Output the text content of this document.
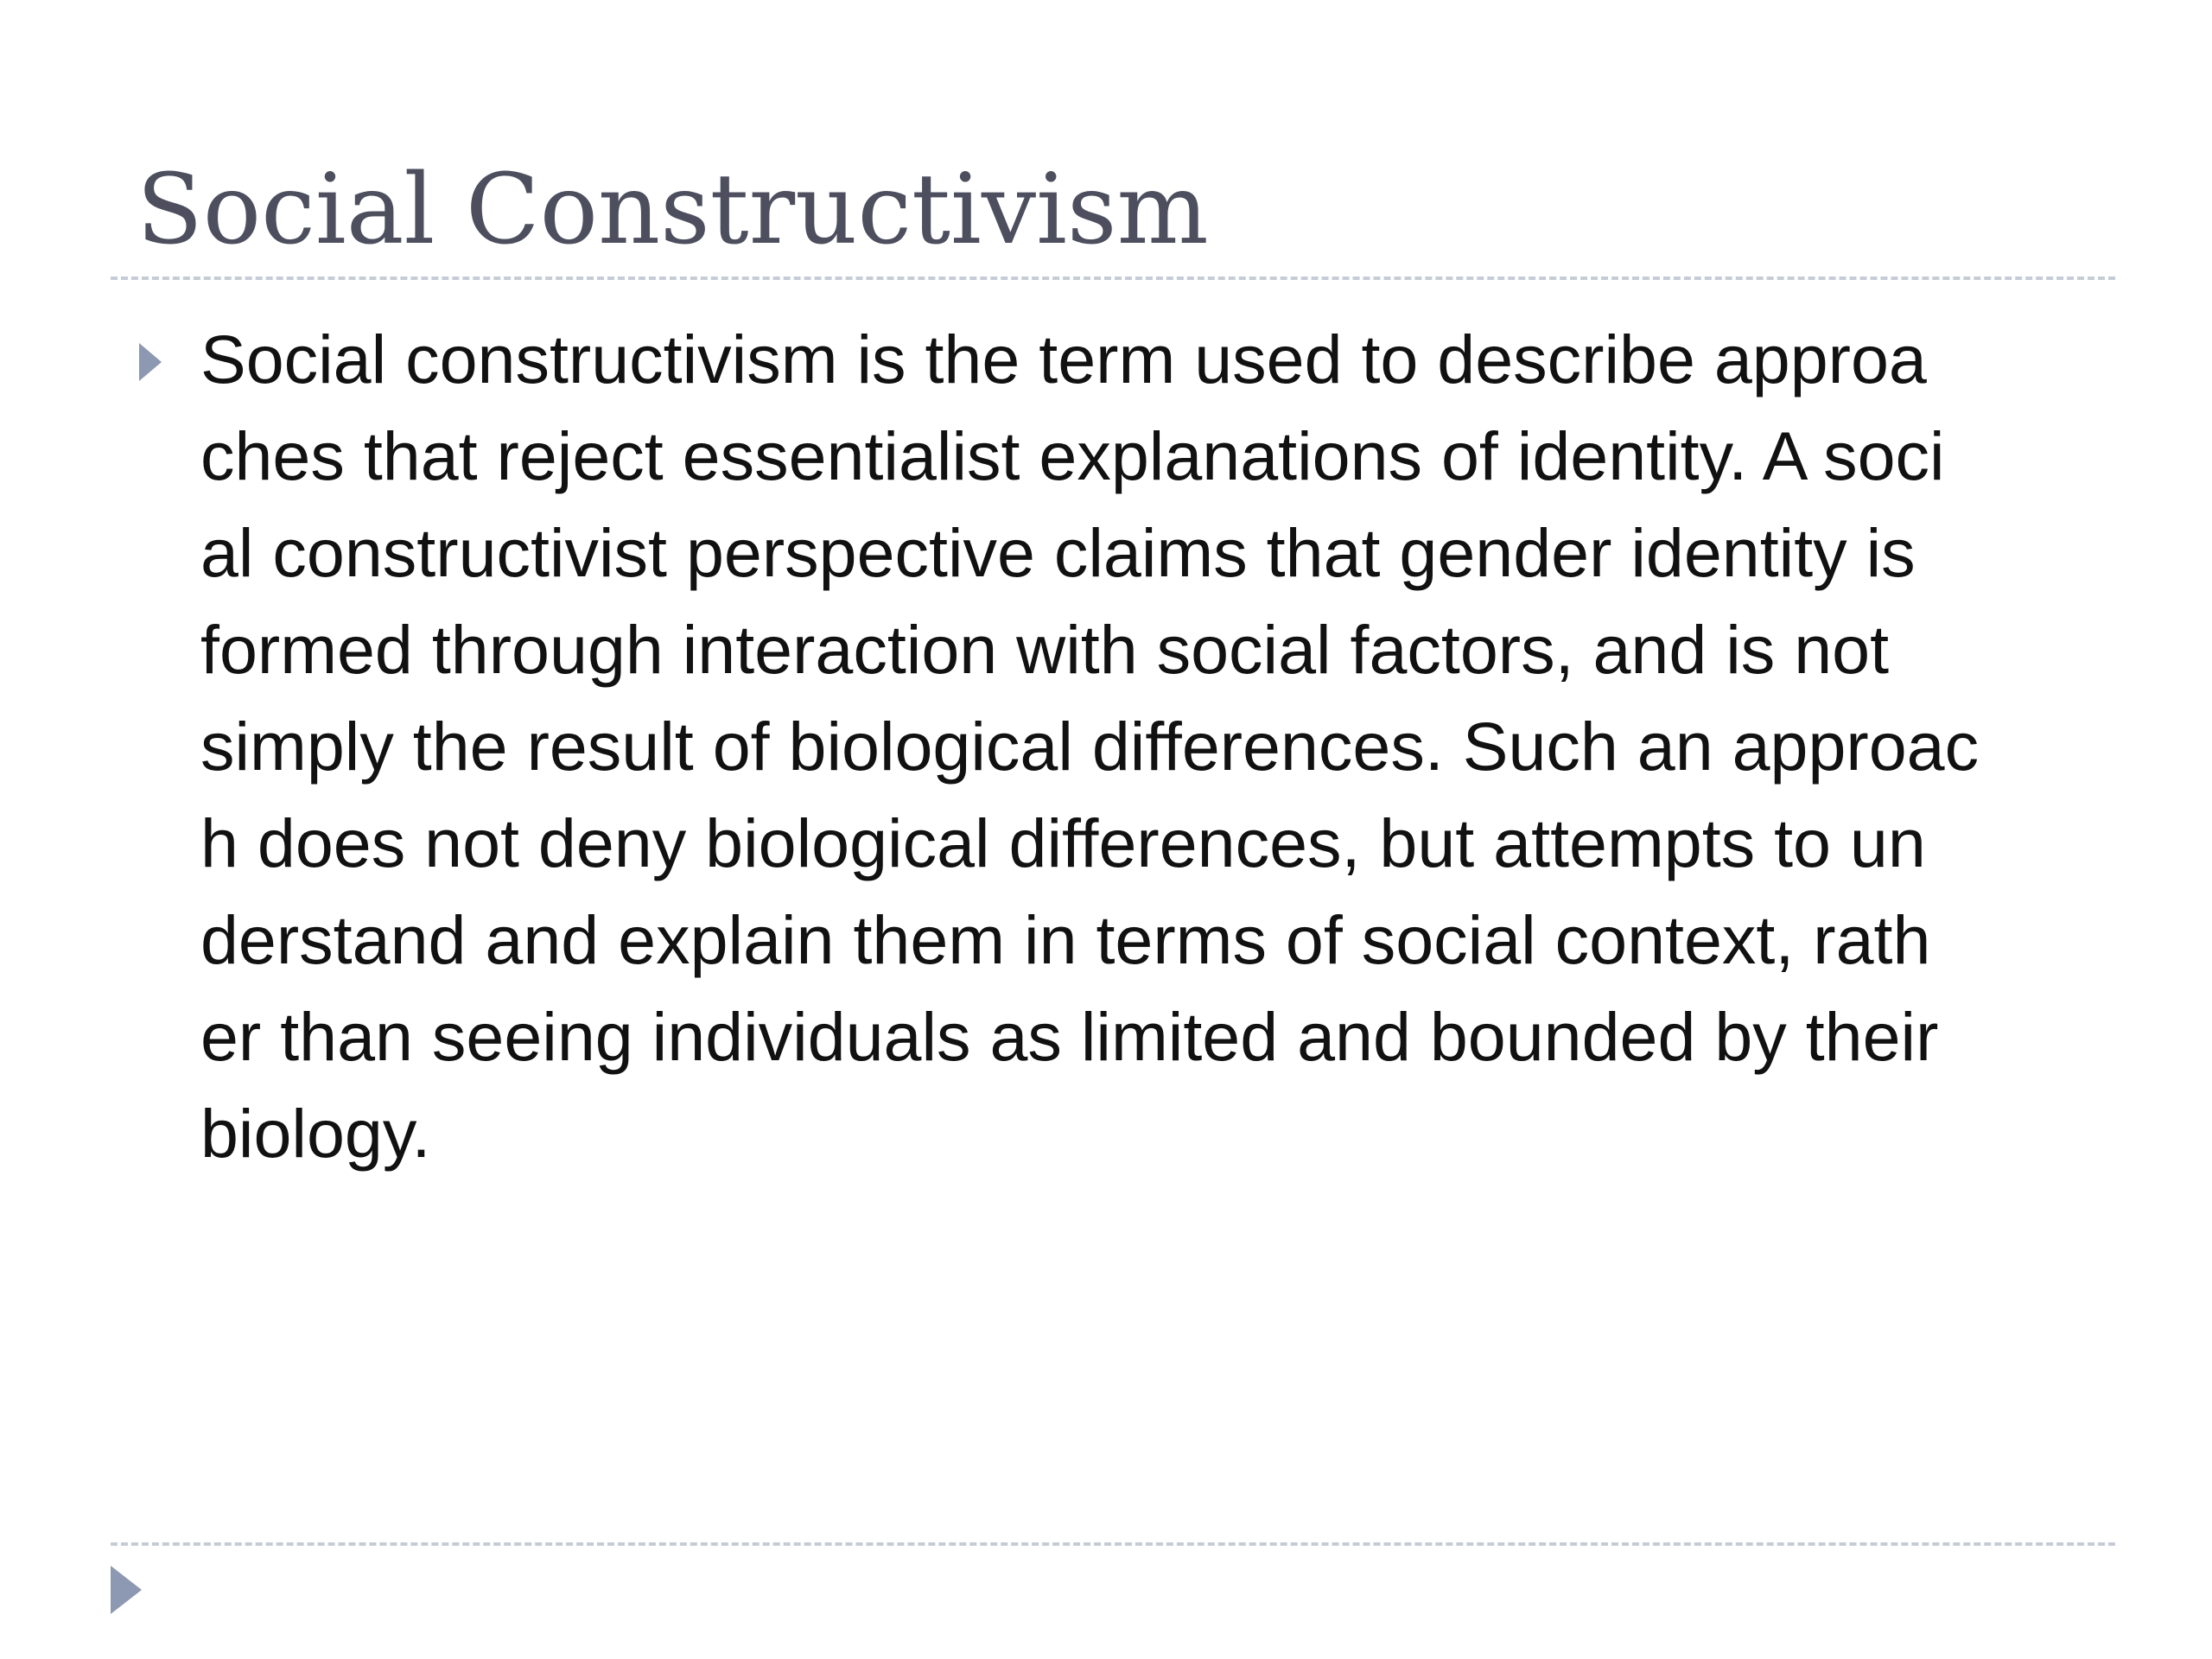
Social Constructivism

Social constructivism is the term used to describe approa
ches that reject essentialist explanations of identity. A soci
al constructivist perspective claims that gender identity is
formed through interaction with social factors, and is not
simply the result of biological differences. Such an approac
h does not deny biological differences, but attempts to un
derstand and explain them in terms of social context, rath
er than seeing individuals as limited and bounded by their
biology.
